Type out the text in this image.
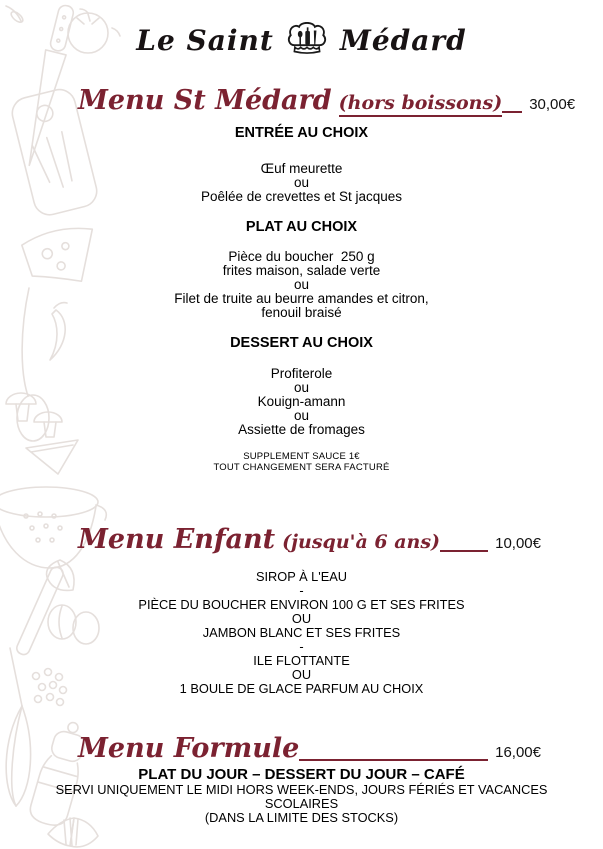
Le Saint Médard
Menu St Médard (hors boissons) 30,00€
ENTRÉE AU CHOIX
Œuf meurette
ou
Poêlée de crevettes et St jacques
PLAT AU CHOIX
Pièce du boucher  250 g
frites maison, salade verte
ou
Filet de truite au beurre amandes et citron,
fenouil braisé
DESSERT AU CHOIX
Profiterole
ou
Kouign-amann
ou
Assiette de fromages
SUPPLEMENT SAUCE 1€
TOUT CHANGEMENT SERA FACTURÉ
Menu Enfant (jusqu'à 6 ans)	10,00€
SIROP À L'EAU
-
PIÈCE DU BOUCHER ENVIRON 100 G ET SES FRITES
OU
JAMBON BLANC ET SES FRITES
-
ILE FLOTTANTE
OU
1 BOULE DE GLACE PARFUM AU CHOIX
Menu Formule	16,00€
PLAT DU JOUR – DESSERT DU JOUR – CAFÉ
SERVI UNIQUEMENT LE MIDI HORS WEEK-ENDS, JOURS FÉRIÉS ET VACANCES
SCOLAIRES
(DANS LA LIMITE DES STOCKS)
